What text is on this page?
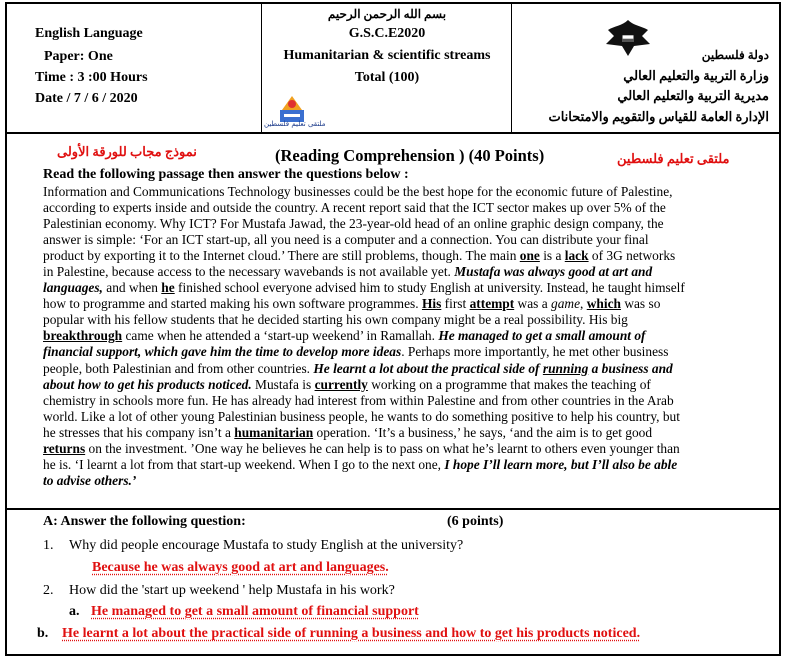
English Language
Paper: One
Time : 3 :00 Hours
Date / 7 / 6 / 2020
بسم الله الرحمن الرحيم
G.S.C.E2020
Humanitarian & scientific streams
Total (100)
ملتقى تعليم فلسطين
دولة فلسطين
وزارة التربية والتعليم العالي
مديرية التربية والتعليم العالي
الإدارة العامة للقياس والتقويم والامتحانات
نموذج مجاب للورقة الأولى	ملتقى تعليم فلسطين
(Reading Comprehension ) (40 Points)
Read the following passage then answer the questions below :
Information and Communications Technology businesses could be the best hope for the economic future of Palestine,
according to experts inside and outside the country. A recent report said that the ICT sector makes up over 5% of the
Palestinian economy. Why ICT? For Mustafa Jawad, the 23-year-old head of an online graphic design company, the
answer is simple: ‘For an ICT start-up, all you need is a computer and a connection. You can distribute your final
product by exporting it to the Internet cloud.’ There are still problems, though. The main one is a lack of 3G networks
in Palestine, because access to the necessary wavebands is not available yet. Mustafa was always good at art and
languages, and when he finished school everyone advised him to study English at university. Instead, he taught himself
how to programme and started making his own software programmes. His first attempt was a game, which was so
popular with his fellow students that he decided starting his own company might be a real possibility. His big
breakthrough came when he attended a ‘start-up weekend’ in Ramallah. He managed to get a small amount of
financial support, which gave him the time to develop more ideas. Perhaps more importantly, he met other business
people, both Palestinian and from other countries. He learnt a lot about the practical side of running a business and
about how to get his products noticed. Mustafa is currently working on a programme that makes the teaching of
chemistry in schools more fun. He has already had interest from within Palestine and from other countries in the Arab
world. Like a lot of other young Palestinian business people, he wants to do something positive to help his country, but
he stresses that his company isn’t a humanitarian operation. ‘It’s a business,’ he says, ‘and the aim is to get good
returns on the investment. ’One way he believes he can help is to pass on what he’s learnt to others even younger than
he is. ‘I learnt a lot from that start-up weekend. When I go to the next one, I hope I’ll learn more, but I’ll also be able
to advise others.’
A: Answer the following question:	(6 points)
1. Why did people encourage Mustafa to study English at the university?
Because he was always good at art and languages.
2. How did the 'start up weekend ' help Mustafa in his work?
a. He managed to get a small amount of financial support
b. He learnt a lot about the practical side of running a business and how to get his products noticed.
